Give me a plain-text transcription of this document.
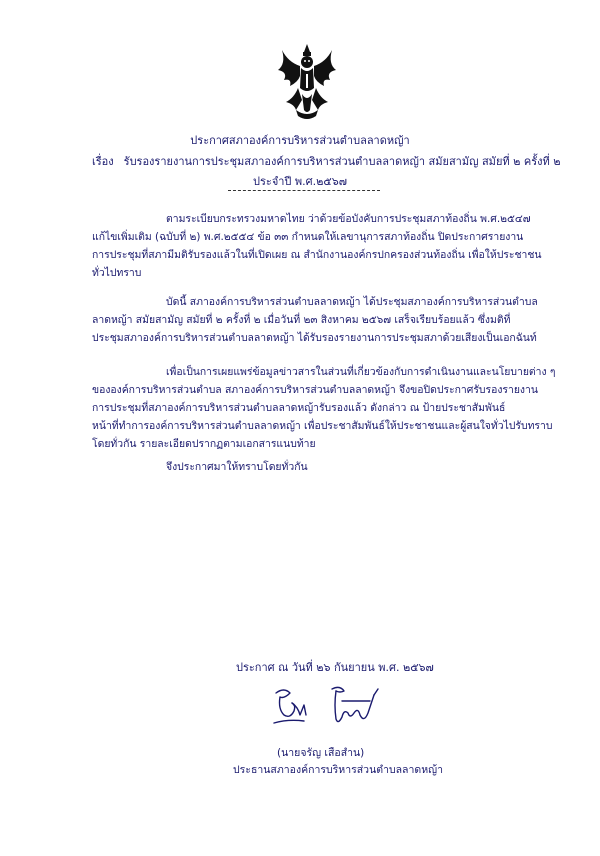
ประกาศสภาองค์การบริหารส่วนตำบลลาดหญ้า
เรื่อง รับรองรายงานการประชุมสภาองค์การบริหารส่วนตำบลลาดหญ้า สมัยสามัญ สมัยที่ ๒ ครั้งที่ ๒
ประจำปี พ.ศ.๒๕๖๗
ตามระเบียบกระทรวงมหาดไทย ว่าด้วยข้อบังคับการประชุมสภาท้องถิ่น พ.ศ.๒๕๔๗
แก้ไขเพิ่มเติม (ฉบับที่ ๒) พ.ศ.๒๕๕๔ ข้อ ๓๓ กำหนดให้เลขานุการสภาท้องถิ่น ปิดประกาศรายงาน
การประชุมที่สภามีมติรับรองแล้วในที่เปิดเผย ณ สำนักงานองค์กรปกครองส่วนท้องถิ่น เพื่อให้ประชาชน
ทั่วไปทราบ
บัดนี้ สภาองค์การบริหารส่วนตำบลลาดหญ้า ได้ประชุมสภาองค์การบริหารส่วนตำบล
ลาดหญ้า สมัยสามัญ สมัยที่ ๒ ครั้งที่ ๒ เมื่อวันที่ ๒๓ สิงหาคม ๒๕๖๗ เสร็จเรียบร้อยแล้ว ซึ่งมติที่
ประชุมสภาองค์การบริหารส่วนตำบลลาดหญ้า ได้รับรองรายงานการประชุมสภาด้วยเสียงเป็นเอกฉันท์
เพื่อเป็นการเผยแพร่ข้อมูลข่าวสารในส่วนที่เกี่ยวข้องกับการดำเนินงานและนโยบายต่าง ๆ
ขององค์การบริหารส่วนตำบล สภาองค์การบริหารส่วนตำบลลาดหญ้า จึงขอปิดประกาศรับรองรายงาน
การประชุมที่สภาองค์การบริหารส่วนตำบลลาดหญ้ารับรองแล้ว ดังกล่าว ณ ป้ายประชาสัมพันธ์
หน้าที่ทำการองค์การบริหารส่วนตำบลลาดหญ้า เพื่อประชาสัมพันธ์ให้ประชาชนและผู้สนใจทั่วไปรับทราบ
โดยทั่วกัน รายละเอียดปรากฏตามเอกสารแนบท้าย
จึงประกาศมาให้ทราบโดยทั่วกัน
ประกาศ ณ วันที่ ๒๖ กันยายน พ.ศ. ๒๕๖๗
(นายจรัญ เสือสำน)
ประธานสภาองค์การบริหารส่วนตำบลลาดหญ้า
